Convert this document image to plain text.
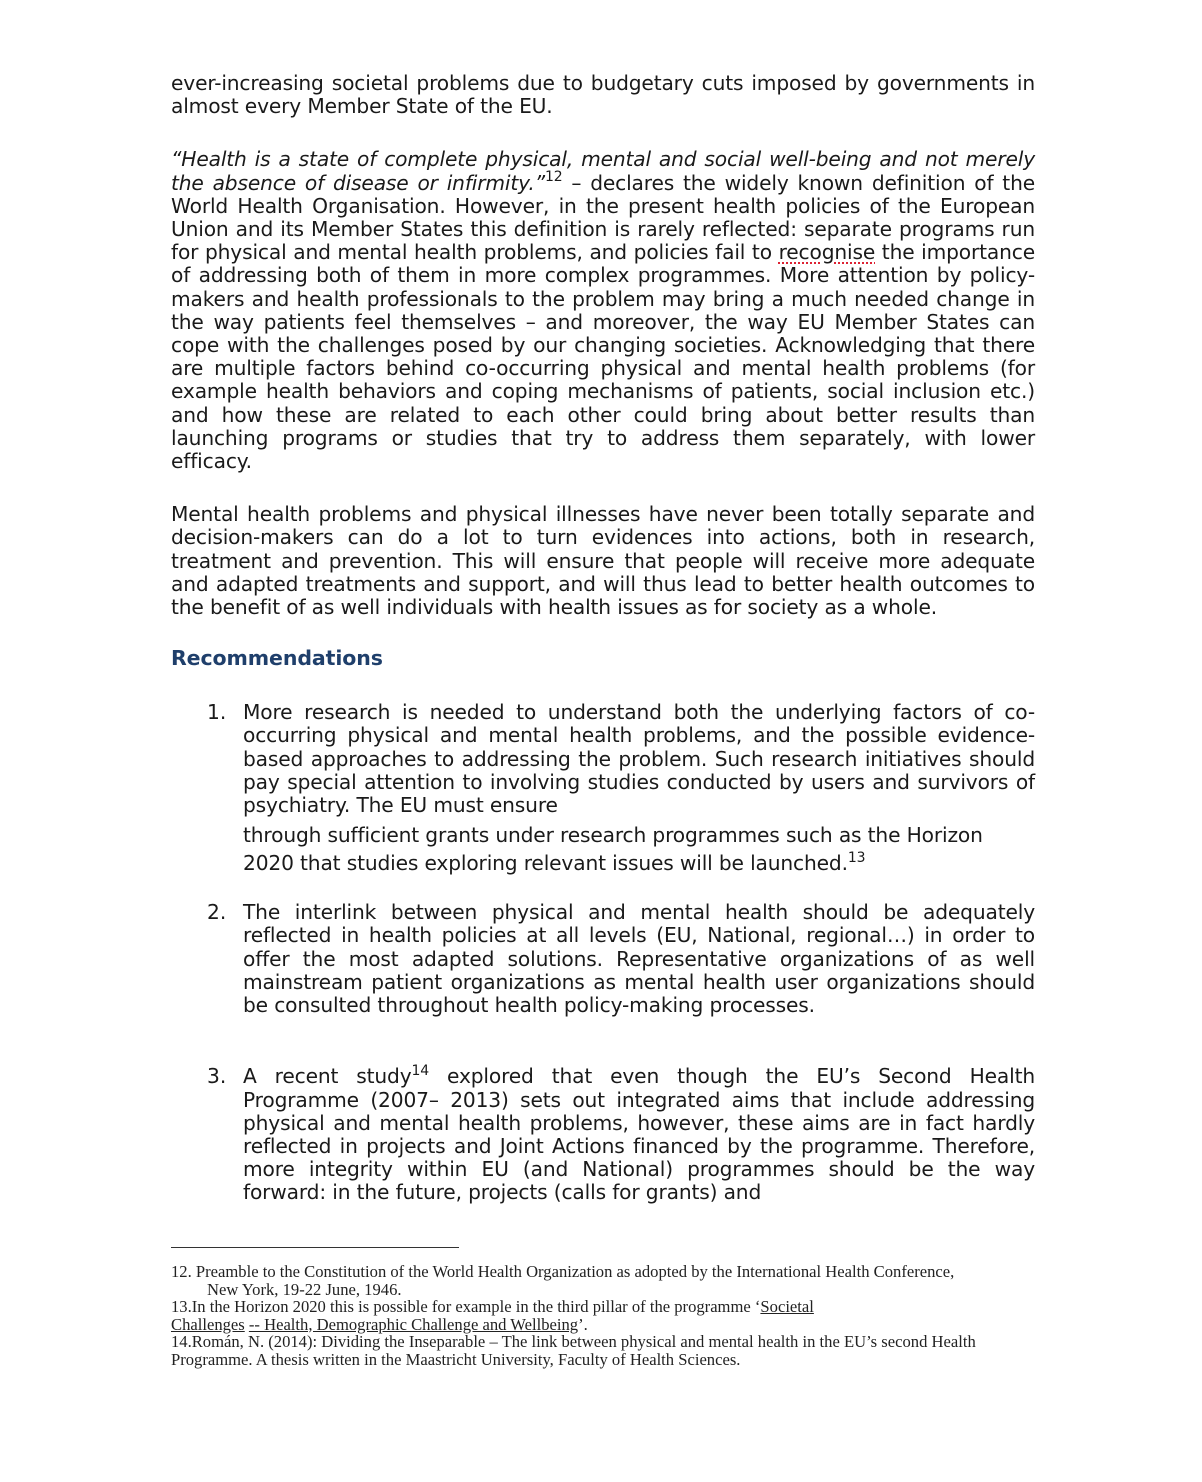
ever-increasing societal problems due to budgetary cuts imposed by governments in almost every Member State of the EU.

“Health is a state of complete physical, mental and social well-being and not merely the absence of disease or infirmity.”$^{12}$ – declares the widely known definition of the World Health Organisation. However, in the present health policies of the European Union and its Member States this definition is rarely reflected: separate programs run for physical and mental health problems, and policies fail to recognise the importance of addressing both of them in more complex programmes. More attention by policy-makers and health professionals to the problem may bring a much needed change in the way patients feel themselves – and moreover, the way EU Member States can cope with the challenges posed by our changing societies. Acknowledging that there are multiple factors behind co-occurring physical and mental health problems (for example health behaviors and coping mechanisms of patients, social inclusion etc.) and how these are related to each other could bring about better results than launching programs or studies that try to address them separately, with lower efficacy.

Mental health problems and physical illnesses have never been totally separate and decision-makers can do a lot to turn evidences into actions, both in research, treatment and prevention. This will ensure that people will receive more adequate and adapted treatments and support, and will thus lead to better health outcomes to the benefit of as well individuals with health issues as for society as a whole.

Recommendations
1. More research is needed to understand both the underlying factors of co-occurring physical and mental health problems, and the possible evidence-based approaches to addressing the problem. Such research initiatives should pay special attention to involving studies conducted by users and survivors of psychiatry. The EU must ensure

through sufficient grants under research programmes such as the Horizon 2020 that studies exploring relevant issues will be launched.$^{13}$

2. The interlink between physical and mental health should be adequately reflected in health policies at all levels (EU, National, regional…) in order to offer the most adapted solutions. Representative organizations of as well mainstream patient organizations as mental health user organizations should be consulted throughout health policy-making processes.

3. A recent study$^{14}$ explored that even though the EU’s Second Health Programme (2007– 2013) sets out integrated aims that include addressing physical and mental health problems, however, these aims are in fact hardly reflected in projects and Joint Actions financed by the programme. Therefore, more integrity within EU (and National) programmes should be the way forward: in the future, projects (calls for grants) and

12. Preamble to the Constitution of the World Health Organization as adopted by the International Health Conference,
New York, 19-22 June, 1946.

13.In the Horizon 2020 this is possible for example in the third pillar of the programme ‘Societal
Challenges -- Health, Demographic Challenge and Wellbeing’.

14.Román, N. (2014): Dividing the Inseparable – The link between physical and mental health in the EU’s second Health Programme. A thesis written in the Maastricht University, Faculty of Health Sciences.
